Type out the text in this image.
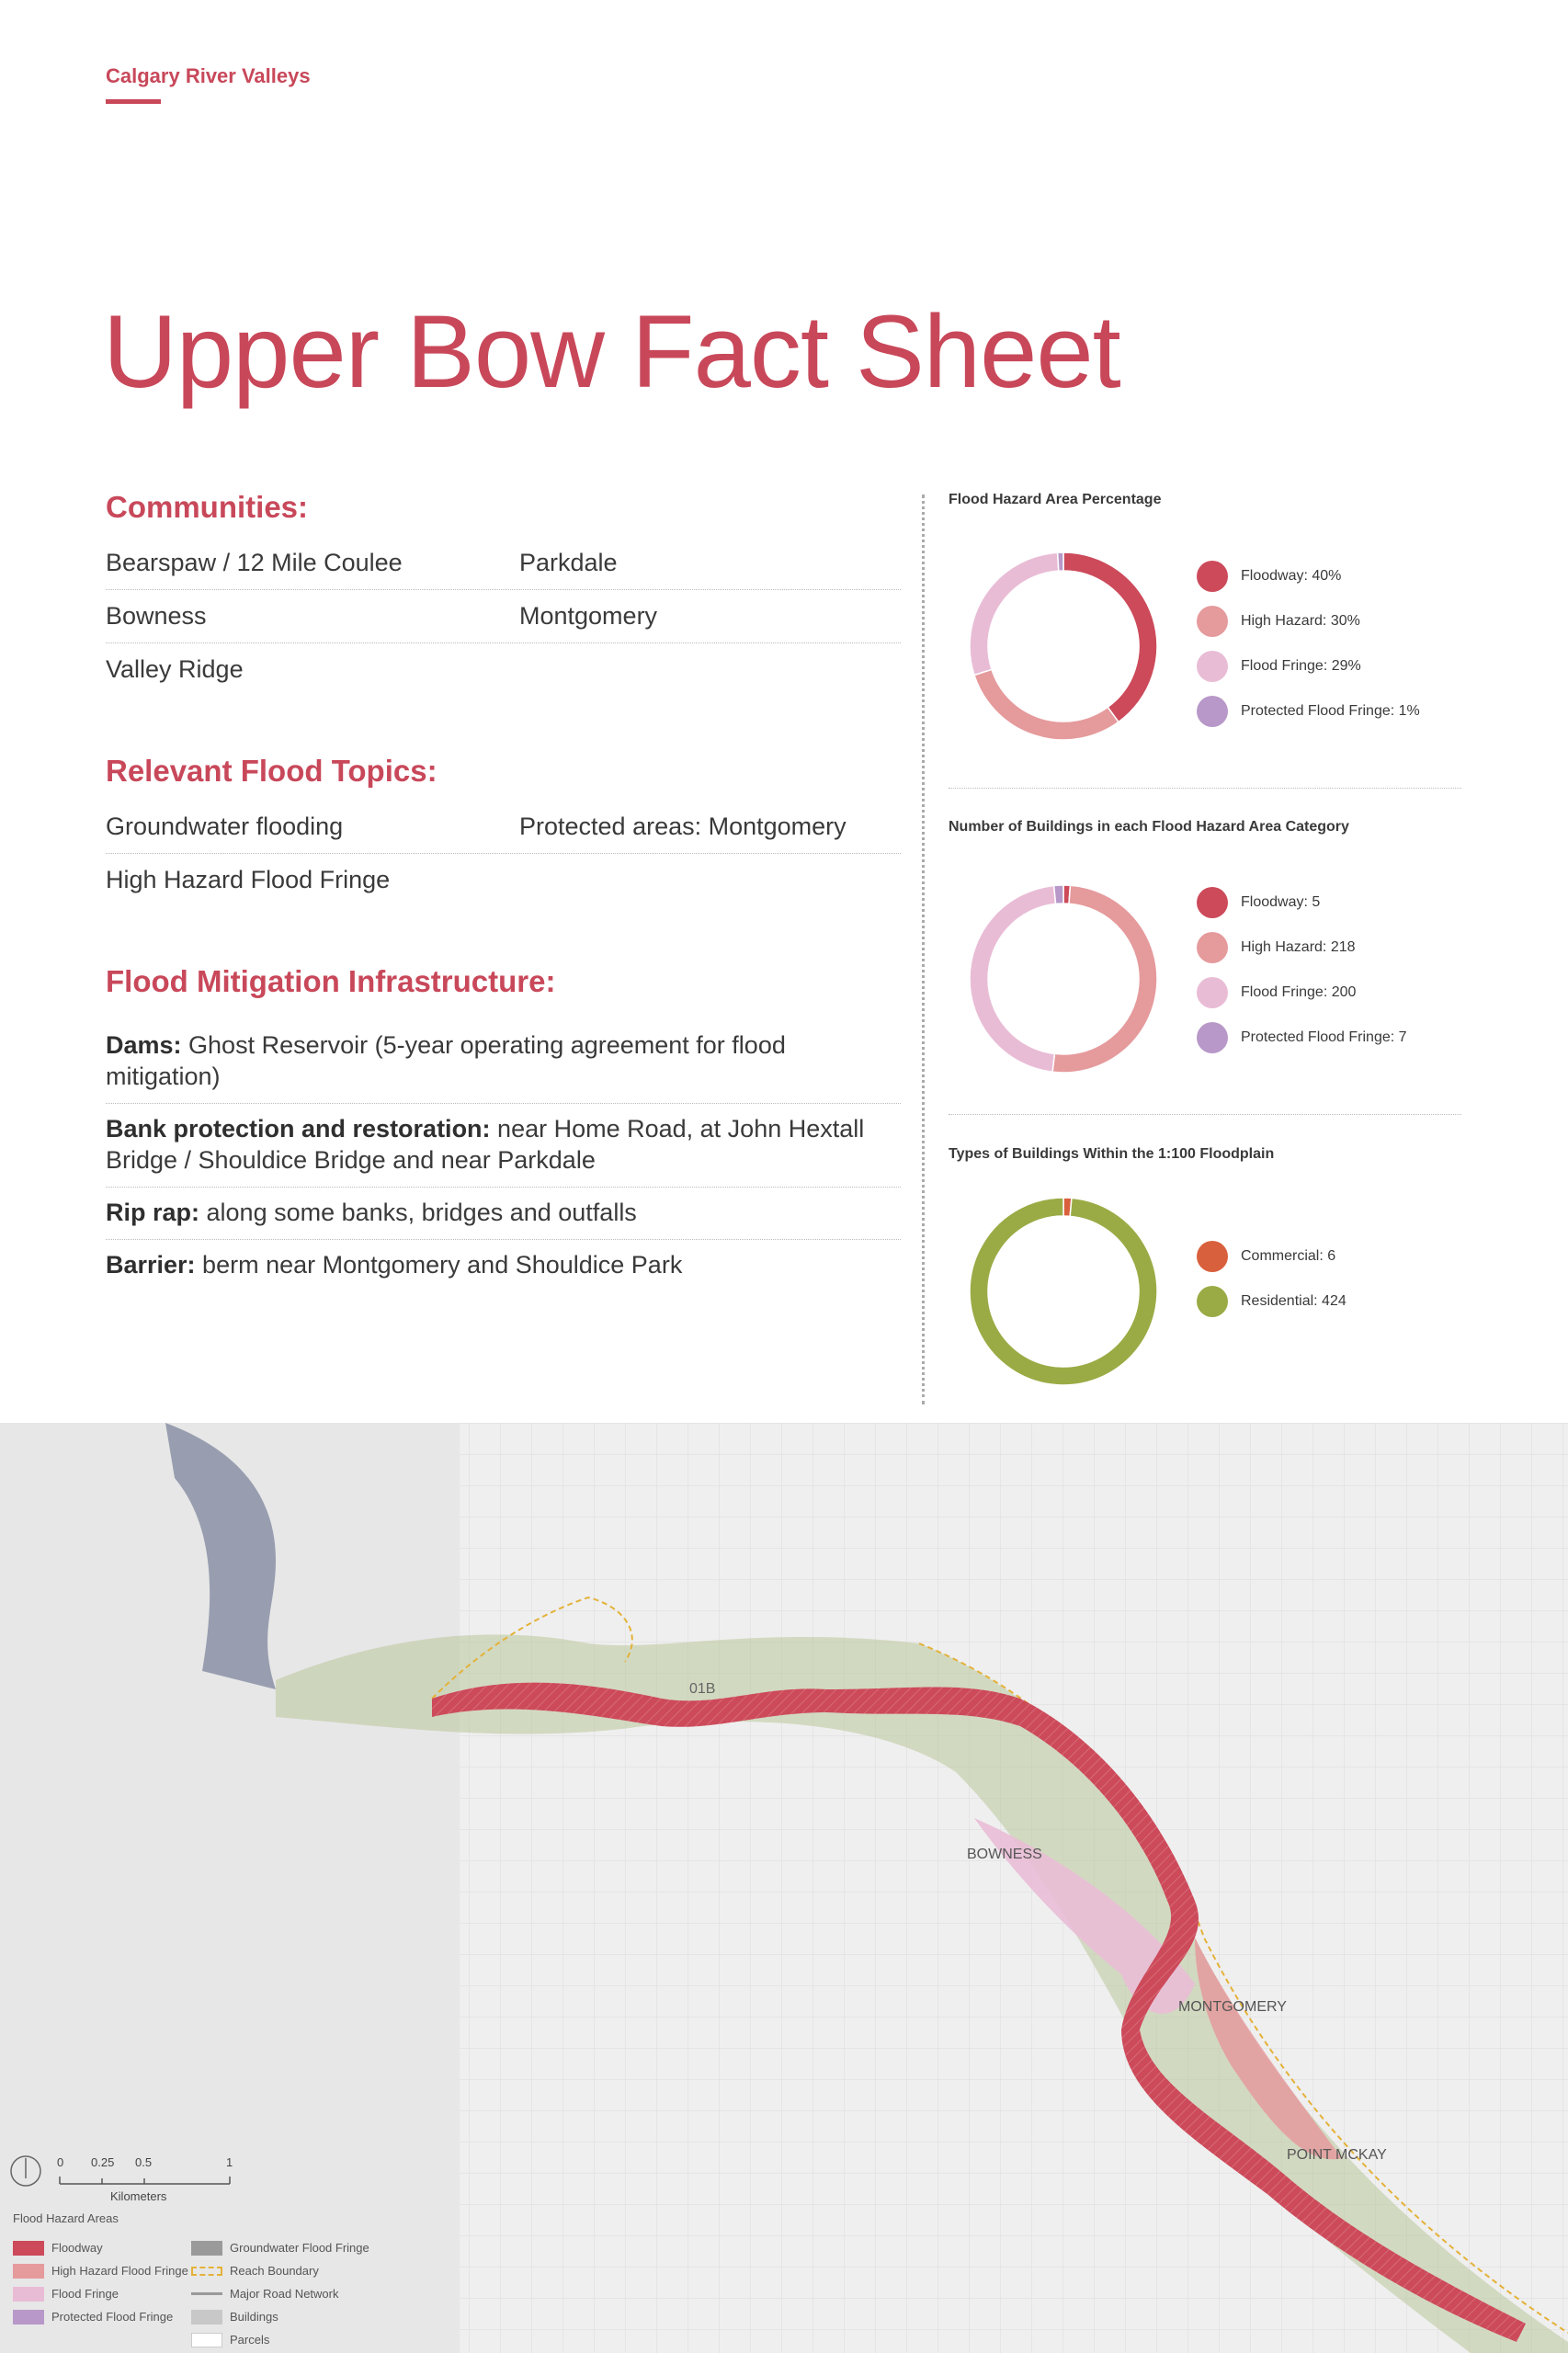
Calgary River Valleys
Upper Bow Fact Sheet
Communities:
Bearspaw / 12 Mile Coulee	Parkdale
Bowness	Montgomery
Valley Ridge
Relevant Flood Topics:
Groundwater flooding	Protected areas: Montgomery
High Hazard Flood Fringe
Flood Mitigation Infrastructure:
Dams: Ghost Reservoir (5-year operating agreement for flood mitigation)
Bank protection and restoration: near Home Road, at John Hextall Bridge / Shouldice Bridge and near Parkdale
Rip rap: along some banks, bridges and outfalls
Barrier: berm near Montgomery and Shouldice Park
Flood Hazard Area Percentage
Floodway: 40%
High Hazard: 30%
Flood Fringe: 29%
Protected Flood Fringe: 1%
Number of Buildings in each Flood Hazard Area Category
Floodway: 5
High Hazard: 218
Flood Fringe: 200
Protected Flood Fringe: 7
Types of Buildings Within the 1:100 Floodplain
Commercial: 6
Residential: 424
01B
BOWNESS
MONTGOMERY
POINT MCKAY
0 0.25 0.5	1
Kilometers
Flood Hazard Areas
Floodway
High Hazard Flood Fringe
Flood Fringe
Protected Flood Fringe
Groundwater Flood Fringe
Reach Boundary
Major Road Network
Buildings
Parcels
